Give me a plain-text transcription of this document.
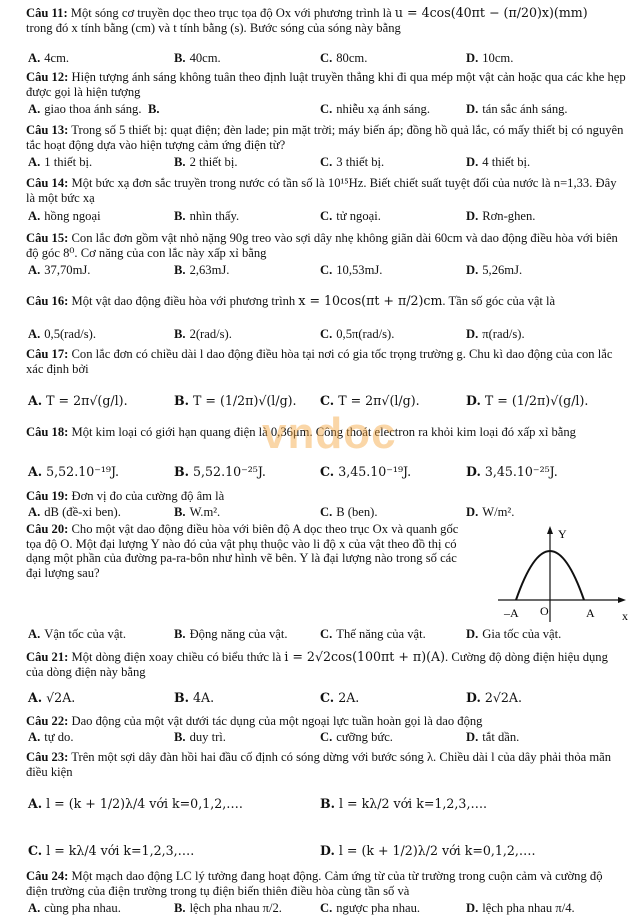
Câu 11: Một sóng cơ truyền dọc theo trục tọa độ Ox với phương trình là u = 4cos(40πt − (π/20)x)(mm)
trong đó x tính bằng (cm) và t tính bằng (s). Bước sóng của sóng này bằng
A. 4cm.	B. 40cm.	C. 80cm.	D. 10cm.
Câu 12: Hiện tượng ánh sáng không tuân theo định luật truyền thẳng khi đi qua mép một vật cản hoặc qua các khe hẹp được gọi là hiện tượng
A. giao thoa ánh sáng. B.	C. nhiễu xạ ánh sáng.	D. tán sắc ánh sáng.
Câu 13: Trong số 5 thiết bị: quạt điện; đèn lade; pin mặt trời; máy biến áp; đồng hồ quả lắc, có mấy thiết bị có nguyên tắc hoạt động dựa vào hiện tượng cảm ứng điện từ?
A. 1 thiết bị.	B. 2 thiết bị.	C. 3 thiết bị.	D. 4 thiết bị.
Câu 14: Một bức xạ đơn sắc truyền trong nước có tần số là 10¹⁵Hz. Biết chiết suất tuyệt đối của nước là n=1,33. Đây là một bức xạ
A. hồng ngoại	B. nhìn thấy.	C. tử ngoại.	D. Rơn-ghen.
Câu 15: Con lắc đơn gồm vật nhỏ nặng 90g treo vào sợi dây nhẹ không giãn dài 60cm và dao động điều hòa với biên độ góc 8⁰. Cơ năng của con lắc này xấp xỉ bằng
A. 37,70mJ.	B. 2,63mJ.	C. 10,53mJ.	D. 5,26mJ.
Câu 16: Một vật dao động điều hòa với phương trình x = 10cos(πt + π/2)cm. Tần số góc của vật là
A. 0,5(rad/s).	B. 2(rad/s).	C. 0,5π(rad/s).	D. π(rad/s).
Câu 17: Con lắc đơn có chiều dài l dao động điều hòa tại nơi có gia tốc trọng trường g. Chu kì dao động của con lắc xác định bởi
A. T = 2π√(g/l).	B. T = (1/2π)√(l/g). C. T = 2π√(l/g).	D. T = (1/2π)√(g/l).
Câu 18: Một kim loại có giới hạn quang điện là 0,36μm. Công thoát electron ra khỏi kim loại đó xấp xỉ bằng
A. 5,52.10⁻¹⁹J.	B. 5,52.10⁻²⁵J.	C. 3,45.10⁻¹⁹J.	D. 3,45.10⁻²⁵J.
Câu 19: Đơn vị đo của cường độ âm là
A. dB (đề-xi ben).	B. W.m².	C. B (ben).	D. W/m².
Câu 20: Cho một vật dao động điều hòa với biên độ A dọc theo trục Ox và quanh gốc tọa độ O. Một đại lượng Y nào đó của vật phụ thuộc vào li độ x của vật theo đồ thị có dạng một phần của đường pa-ra-bôn như hình vẽ bên. Y là đại lượng nào trong số các đại lượng sau?
Y
x
–A O	A
A. Vận tốc của vật.	B. Động năng của vật.	C. Thế năng của vật.	D. Gia tốc của vật.
Câu 21: Một dòng điện xoay chiều có biểu thức là i = 2√2cos(100πt + π)(A). Cường độ dòng điện hiệu dụng của dòng điện này bằng
A. √2A.	B. 4A.	C. 2A.	D. 2√2A.
Câu 22: Dao động của một vật dưới tác dụng của một ngoại lực tuần hoàn gọi là dao động
A. tự do.	B. duy trì.	C. cưỡng bức.	D. tắt dần.
Câu 23: Trên một sợi dây đàn hồi hai đầu cố định có sóng dừng với bước sóng λ. Chiều dài l của dây phải thỏa mãn điều kiện
A. l = (k + 1/2)λ/4 với k=0,1,2,….	B. l = kλ/2 với k=1,2,3,….
C. l = kλ/4 với k=1,2,3,….	D. l = (k + 1/2)λ/2 với k=0,1,2,….
Câu 24: Một mạch dao động LC lý tưởng đang hoạt động. Cảm ứng từ của từ trường trong cuộn cảm và cường độ điện trường của điện trường trong tụ điện biến thiên điều hòa cùng tần số và
A. cùng pha nhau.	B. lệch pha nhau π/2.	C. ngược pha nhau.	D. lệch pha nhau π/4.
vndoc
